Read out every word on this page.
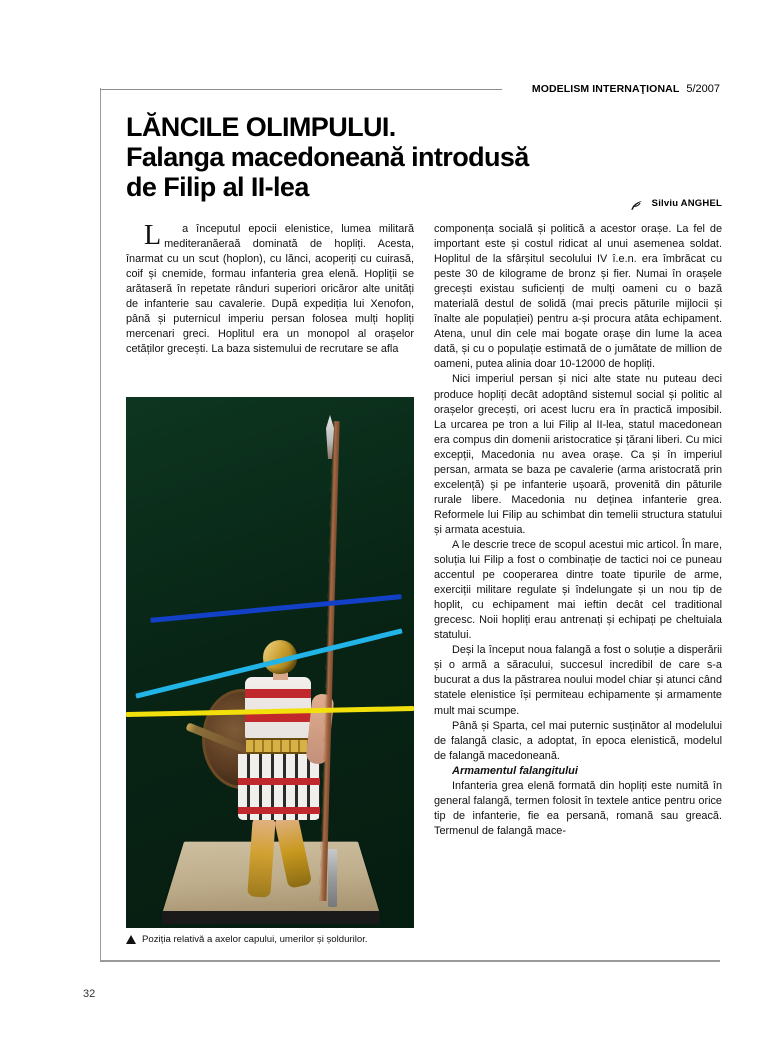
MODELISM INTERNAŢIONAL 5/2007
LĂNCILE OLIMPULUI.
Falanga macedoneană introdusă
de Filip al II-lea
Silviu ANGHEL

L a începutul epocii elenistice, lumea militară mediteranăeraă dominată de hopliți. Acesta, înarmat cu un scut (hoplon), cu lănci, acoperiți cu cuirasă, coif și cnemide, formau infanteria grea elenă. Hopliții se arătaseră în repetate rânduri superiori oricăror alte unități de infanterie sau cavalerie. După expediția lui Xenofon, până și puternicul imperiu persan folosea mulți hopliți mercenari greci. Hoplitul era un monopol al orașelor cetăților grecești. La baza sistemului de recrutare se afla

Poziția relativă a axelor capului, umerilor și șoldurilor.

componența socială și politică a acestor orașe. La fel de important este și costul ridicat al unui asemenea soldat. Hoplitul de la sfârșitul secolului IV î.e.n. era îmbrăcat cu peste 30 de kilograme de bronz și fier. Numai în orașele grecești existau suficienți de mulți oameni cu o bază materială destul de solidă (mai precis păturile mijlocii și înalte ale populației) pentru a-și procura atâta echipament. Atena, unul din cele mai bogate orașe din lume la acea dată, și cu o populație estimată de o jumătate de million de oameni, putea alinia doar 10-12000 de hopliți.

Nici imperiul persan și nici alte state nu puteau deci produce hopliți decât adoptând sistemul social și politic al orașelor grecești, ori acest lucru era în practică imposibil. La urcarea pe tron a lui Filip al II-lea, statul macedonean era compus din domenii aristocratice și țărani liberi. Cu mici excepții, Macedonia nu avea orașe. Ca și în imperiul persan, armata se baza pe cavalerie (arma aristocrată prin excelență) și pe infanterie ușoară, provenită din păturile rurale libere. Macedonia nu deținea infanterie grea. Reformele lui Filip au schimbat din temelii structura statului și armata acestuia.

A le descrie trece de scopul acestui mic articol. În mare, soluția lui Filip a fost o combinație de tactici noi ce puneau accentul pe cooperarea dintre toate tipurile de arme, exerciții militare regulate și îndelungate și un nou tip de hoplit, cu echipament mai ieftin decât cel traditional grecesc. Noii hopliți erau antrenați și echipați pe cheltuiala statului.

Deși la început noua falangă a fost o soluție a disperării și o armă a săracului, succesul incredibil de care s-a bucurat a dus la păstrarea noului model chiar și atunci când statele elenistice își permiteau echipamente și armamente mult mai scumpe.

Până și Sparta, cel mai puternic susținător al modelului de falangă clasic, a adoptat, în epoca elenistică, modelul de falangă macedoneană.

Armamentul falangitului

Infanteria grea elenă formată din hopliți este numită în general falangă, termen folosit în textele antice pentru orice tip de infanterie, fie ea persană, romană sau greacă. Termenul de falangă mace-

32
